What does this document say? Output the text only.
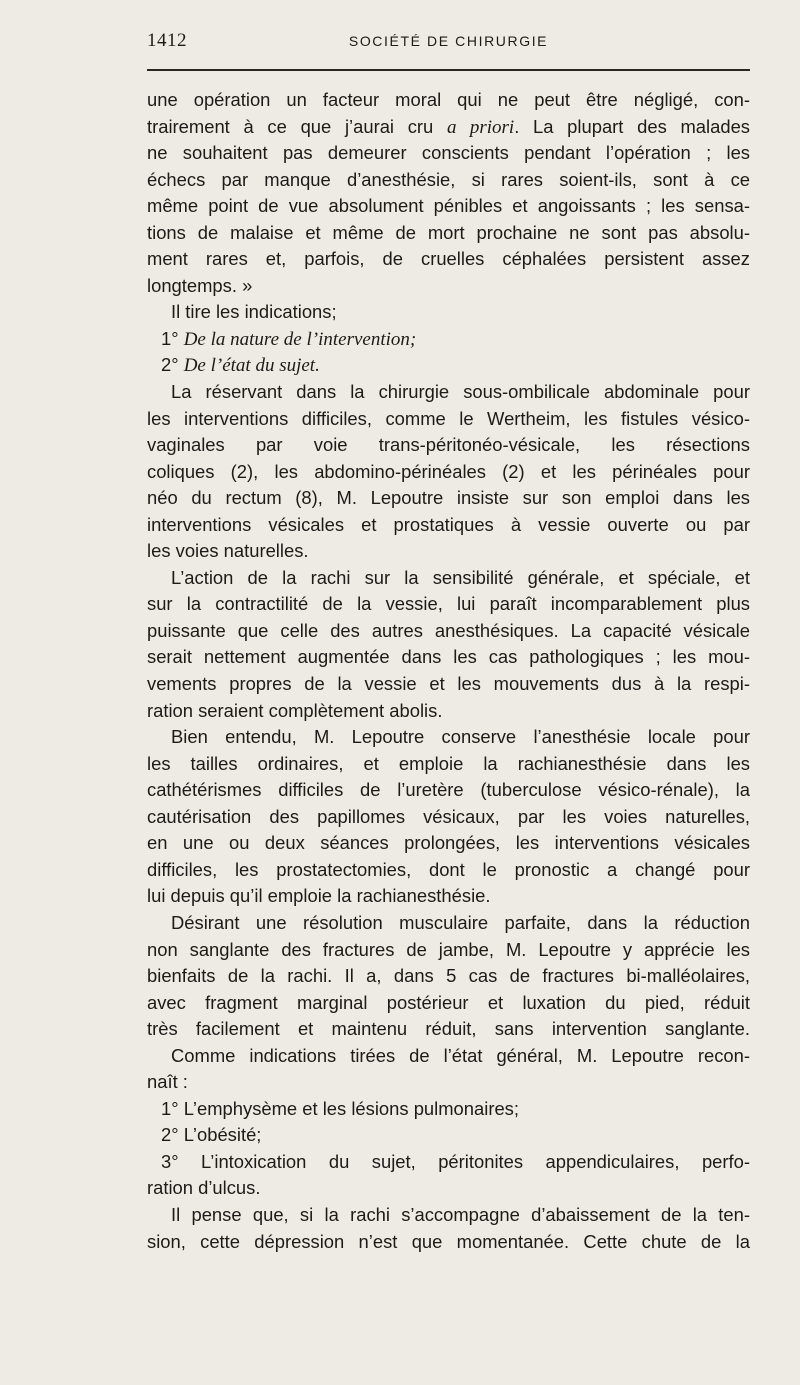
1412	SOCIÉTÉ DE CHIRURGIE
une opération un facteur moral qui ne peut être négligé, con-
trairement à ce que j’aurai cru a priori. La plupart des malades
ne souhaitent pas demeurer conscients pendant l’opération ; les
échecs par manque d’anesthésie, si rares soient-ils, sont à ce
même point de vue absolument pénibles et angoissants ; les sensa-
tions de malaise et même de mort prochaine ne sont pas absolu-
ment rares et, parfois, de cruelles céphalées persistent assez
longtemps. »
Il tire les indications;
1° De la nature de l’intervention;
2° De l’état du sujet.
La réservant dans la chirurgie sous-ombilicale abdominale pour
les interventions difficiles, comme le Wertheim, les fistules vésico-
vaginales par voie trans-péritonéo-vésicale, les résections
coliques (2), les abdomino-périnéales (2) et les périnéales pour
néo du rectum (8), M. Lepoutre insiste sur son emploi dans les
interventions vésicales et prostatiques à vessie ouverte ou par
les voies naturelles.
L’action de la rachi sur la sensibilité générale, et spéciale, et
sur la contractilité de la vessie, lui paraît incomparablement plus
puissante que celle des autres anesthésiques. La capacité vésicale
serait nettement augmentée dans les cas pathologiques ; les mou-
vements propres de la vessie et les mouvements dus à la respi-
ration seraient complètement abolis.
Bien entendu, M. Lepoutre conserve l’anesthésie locale pour
les tailles ordinaires, et emploie la rachianesthésie dans les
cathétérismes difficiles de l’uretère (tuberculose vésico-rénale), la
cautérisation des papillomes vésicaux, par les voies naturelles,
en une ou deux séances prolongées, les interventions vésicales
difficiles, les prostatectomies, dont le pronostic a changé pour
lui depuis qu’il emploie la rachianesthésie.
Désirant une résolution musculaire parfaite, dans la réduction
non sanglante des fractures de jambe, M. Lepoutre y apprécie les
bienfaits de la rachi. Il a, dans 5 cas de fractures bi-malléolaires,
avec fragment marginal postérieur et luxation du pied, réduit
très facilement et maintenu réduit, sans intervention sanglante.
Comme indications tirées de l’état général, M. Lepoutre recon-
naît :
1° L’emphysème et les lésions pulmonaires;
2° L’obésité;
3° L’intoxication du sujet, péritonites appendiculaires, perfo-
ration d’ulcus.
Il pense que, si la rachi s’accompagne d’abaissement de la ten-
sion, cette dépression n’est que momentanée. Cette chute de la
